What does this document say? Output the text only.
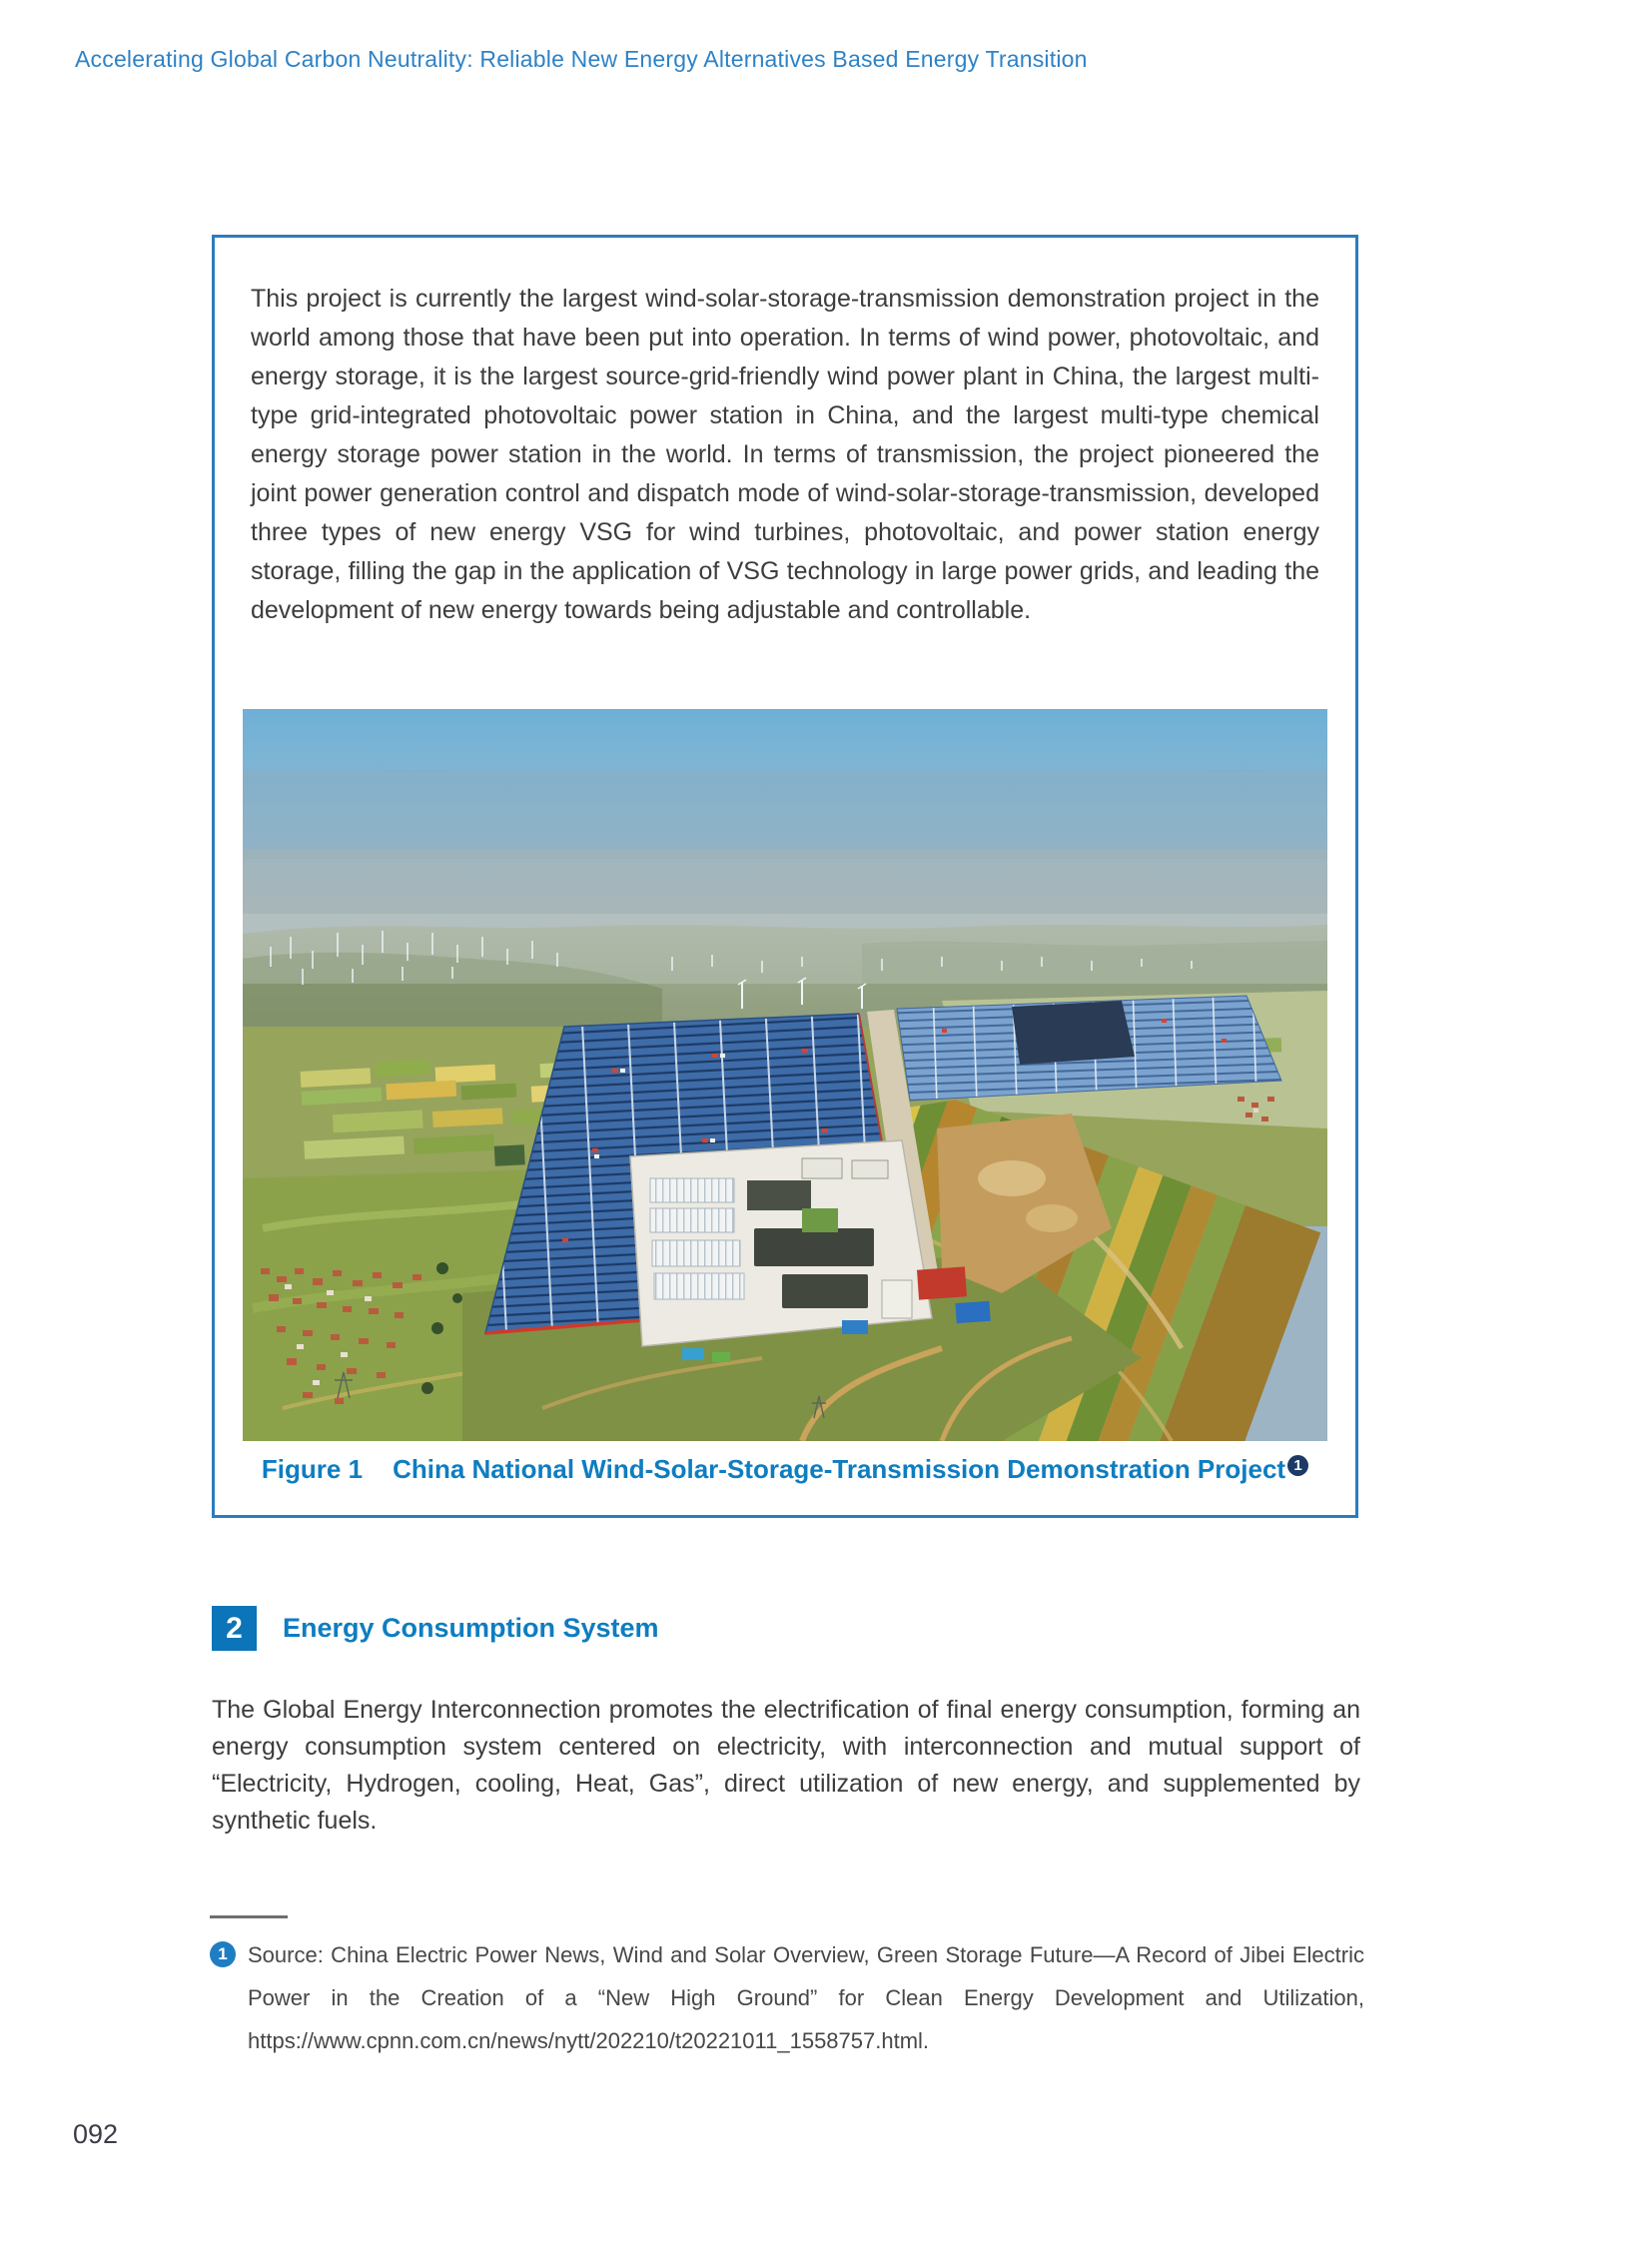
Accelerating Global Carbon Neutrality: Reliable New Energy Alternatives Based Energy Transition

This project is currently the largest wind-solar-storage-transmission demonstration project in the world among those that have been put into operation. In terms of wind power, photovoltaic, and energy storage, it is the largest source-grid-friendly wind power plant in China, the largest multi-type grid-integrated photovoltaic power station in China, and the largest multi-type chemical energy storage power station in the world. In terms of transmission, the project pioneered the joint power generation control and dispatch mode of wind-solar-storage-transmission, developed three types of new energy VSG for wind turbines, photovoltaic, and power station energy storage, filling the gap in the application of VSG technology in large power grids, and leading the development of new energy towards being adjustable and controllable.

Figure 1 China National Wind-Solar-Storage-Transmission Demonstration Project 1
2	Energy Consumption System

The Global Energy Interconnection promotes the electrification of final energy consumption, forming an energy consumption system centered on electricity, with interconnection and mutual support of “Electricity, Hydrogen, cooling, Heat, Gas”, direct utilization of new energy, and supplemented by synthetic fuels.

1 Source: China Electric Power News, Wind and Solar Overview, Green Storage Future—A Record of Jibei Electric Power in the Creation of a “New High Ground” for Clean Energy Development and Utilization, https://www.cpnn.com.cn/news/nytt/202210/t20221011_1558757.html.

092
